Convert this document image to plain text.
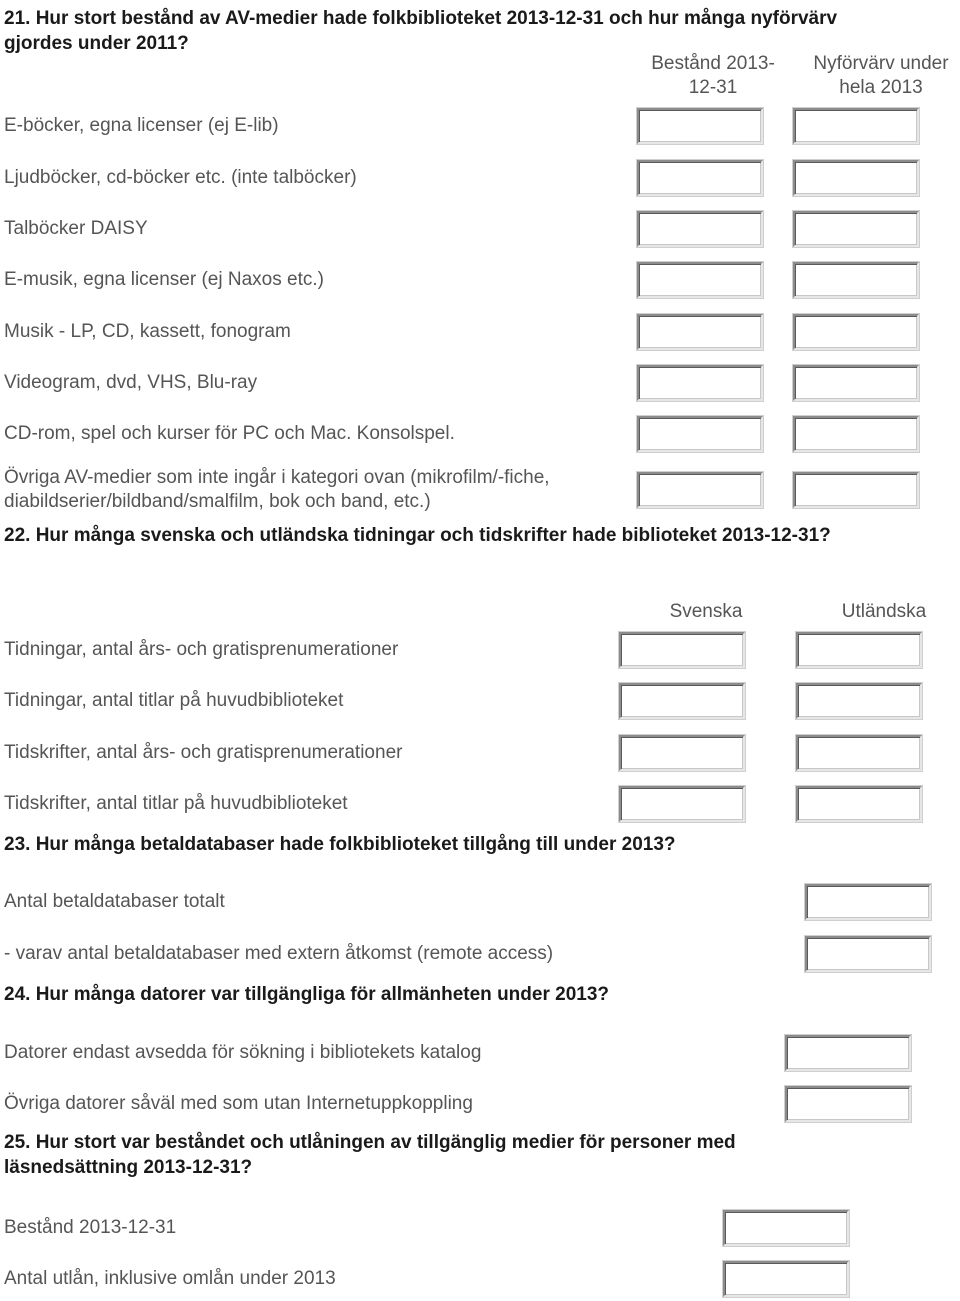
21. Hur stort bestånd av AV-medier hade folkbiblioteket 2013-12-31 och hur många nyförvärv
gjordes under 2011?
Bestånd 2013-
12-31
Nyförvärv under
hela 2013
E-böcker, egna licenser (ej E-lib)
Ljudböcker, cd-böcker etc. (inte talböcker)
Talböcker DAISY
E-musik, egna licenser (ej Naxos etc.)
Musik - LP, CD, kassett, fonogram
Videogram, dvd, VHS, Blu-ray
CD-rom, spel och kurser för PC och Mac. Konsolspel.
Övriga AV-medier som inte ingår i kategori ovan (mikrofilm/-fiche,
diabildserier/bildband/smalfilm, bok och band, etc.)
22. Hur många svenska och utländska tidningar och tidskrifter hade biblioteket 2013-12-31?
Svenska	Utländska
Tidningar, antal års- och gratisprenumerationer
Tidningar, antal titlar på huvudbiblioteket
Tidskrifter, antal års- och gratisprenumerationer
Tidskrifter, antal titlar på huvudbiblioteket
23. Hur många betaldatabaser hade folkbiblioteket tillgång till under 2013?
Antal betaldatabaser totalt
- varav antal betaldatabaser med extern åtkomst (remote access)
24. Hur många datorer var tillgängliga för allmänheten under 2013?
Datorer endast avsedda för sökning i bibliotekets katalog
Övriga datorer såväl med som utan Internetuppkoppling
25. Hur stort var beståndet och utlåningen av tillgänglig medier för personer med
läsnedsättning 2013-12-31?
Bestånd 2013-12-31
Antal utlån, inklusive omlån under 2013
